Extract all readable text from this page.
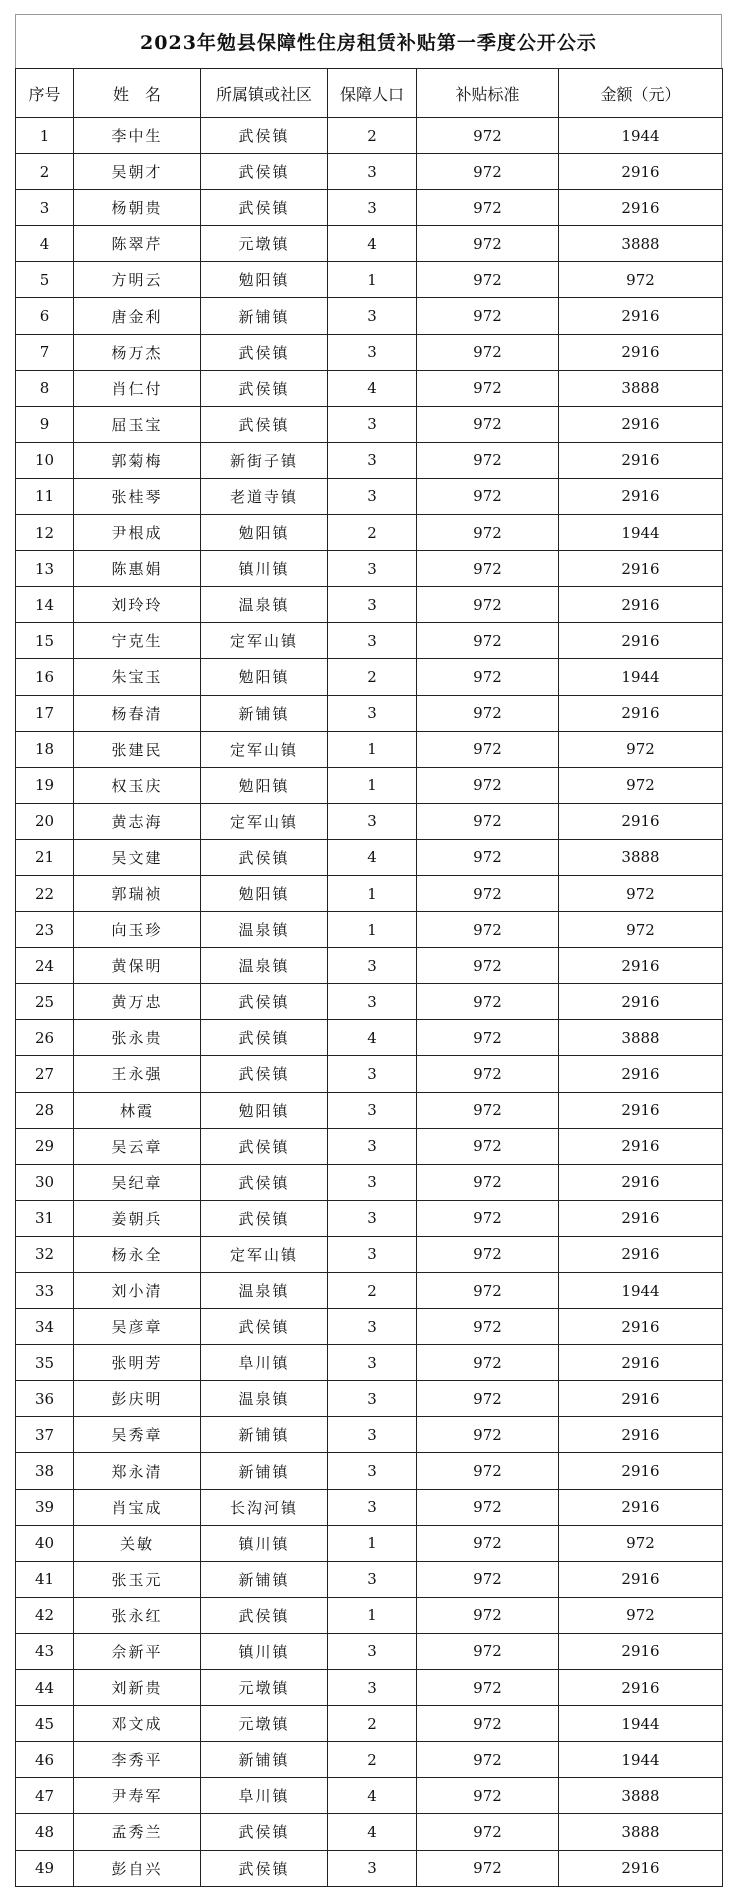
2023年勉县保障性住房租赁补贴第一季度公开公示
序号	姓　名	所属镇或社区	保障人口	补贴标准	金额（元）
1	李中生	武侯镇	2	972	1944
2	吴朝才	武侯镇	3	972	2916
3	杨朝贵	武侯镇	3	972	2916
4	陈翠芹	元墩镇	4	972	3888
5	方明云	勉阳镇	1	972	972
6	唐金利	新铺镇	3	972	2916
7	杨万杰	武侯镇	3	972	2916
8	肖仁付	武侯镇	4	972	3888
9	屈玉宝	武侯镇	3	972	2916
10	郭菊梅	新街子镇	3	972	2916
11	张桂琴	老道寺镇	3	972	2916
12	尹根成	勉阳镇	2	972	1944
13	陈惠娟	镇川镇	3	972	2916
14	刘玲玲	温泉镇	3	972	2916
15	宁克生	定军山镇	3	972	2916
16	朱宝玉	勉阳镇	2	972	1944
17	杨春清	新铺镇	3	972	2916
18	张建民	定军山镇	1	972	972
19	权玉庆	勉阳镇	1	972	972
20	黄志海	定军山镇	3	972	2916
21	吴文建	武侯镇	4	972	3888
22	郭瑞祯	勉阳镇	1	972	972
23	向玉珍	温泉镇	1	972	972
24	黄保明	温泉镇	3	972	2916
25	黄万忠	武侯镇	3	972	2916
26	张永贵	武侯镇	4	972	3888
27	王永强	武侯镇	3	972	2916
28	林霞	勉阳镇	3	972	2916
29	吴云章	武侯镇	3	972	2916
30	吴纪章	武侯镇	3	972	2916
31	姜朝兵	武侯镇	3	972	2916
32	杨永全	定军山镇	3	972	2916
33	刘小清	温泉镇	2	972	1944
34	吴彦章	武侯镇	3	972	2916
35	张明芳	阜川镇	3	972	2916
36	彭庆明	温泉镇	3	972	2916
37	吴秀章	新铺镇	3	972	2916
38	郑永清	新铺镇	3	972	2916
39	肖宝成	长沟河镇	3	972	2916
40	关敏	镇川镇	1	972	972
41	张玉元	新铺镇	3	972	2916
42	张永红	武侯镇	1	972	972
43	佘新平	镇川镇	3	972	2916
44	刘新贵	元墩镇	3	972	2916
45	邓文成	元墩镇	2	972	1944
46	李秀平	新铺镇	2	972	1944
47	尹寿军	阜川镇	4	972	3888
48	孟秀兰	武侯镇	4	972	3888
49	彭自兴	武侯镇	3	972	2916
